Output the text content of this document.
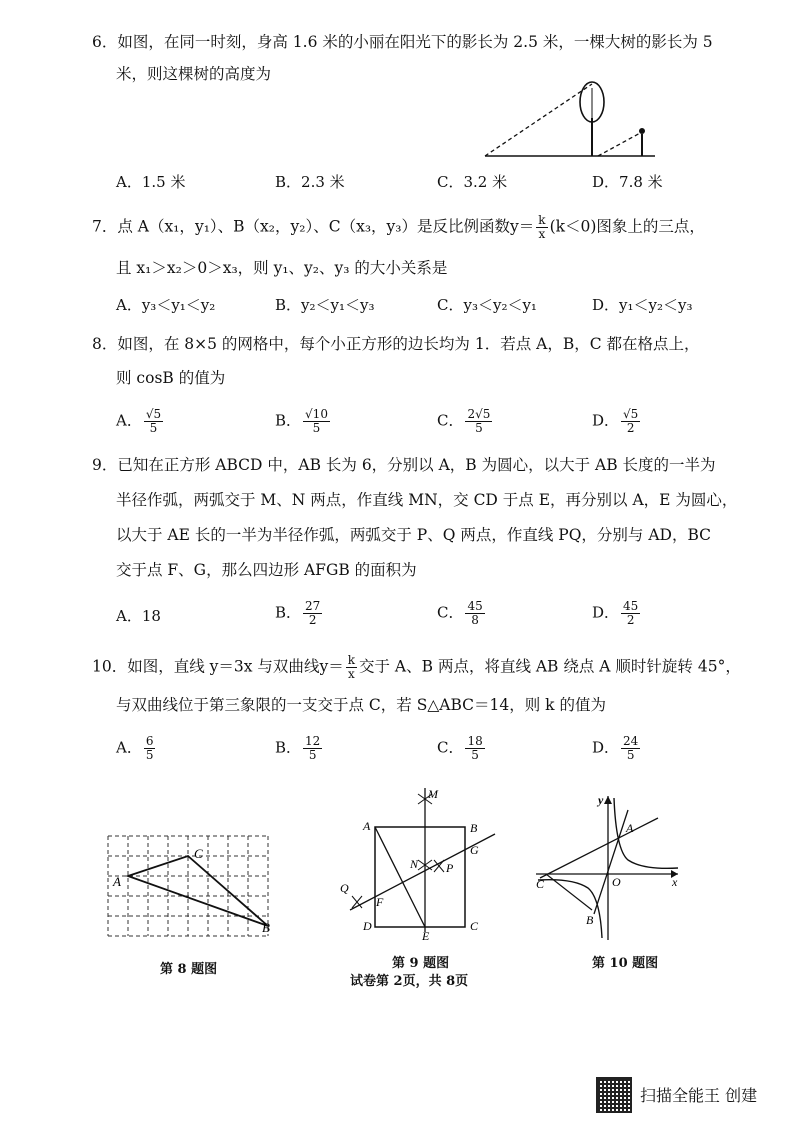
6．如图，在同一时刻，身高 1.6 米的小丽在阳光下的影长为 2.5 米，一棵大树的影长为 5
米，则这棵树的高度为
A．1.5 米	B．2.3 米	C．3.2 米	D．7.8 米
7．点 A（x₁，y₁）、B（x₂，y₂）、C（x₃，y₃）是反比例函数$y= \frac{k}{x} (k<0)$图象上的三点，
且 x₁＞x₂＞0＞x₃，则 y₁、y₂、y₃ 的大小关系是
A．y₃＜y₁＜y₂	B．y₂＜y₁＜y₃	C．y₃＜y₂＜y₁	D．y₁＜y₂＜y₃
8．如图，在 8×5 的网格中，每个小正方形的边长均为 1．若点 A，B，C 都在格点上，
则 cosB 的值为
A． $\frac{√5}{5}$	B． $\frac{√10}{5}$	C． $\frac{2√5}{5}$	D． $\frac{√5}{2}$
9．已知在正方形 ABCD 中，AB 长为 6，分别以 A，B 为圆心，以大于 AB 长度的一半为
半径作弧，两弧交于 M、N 两点，作直线 MN，交 CD 于点 E，再分别以 A，E 为圆心，
以大于 AE 长的一半为半径作弧，两弧交于 P、Q 两点，作直线 PQ，分别与 AD，BC
交于点 F、G，那么四边形 AFGB 的面积为
A．18	B． $\frac{27}{2}$	C． $\frac{45}{8}$	D． $\frac{45}{2}$
10．如图，直线 y＝3x 与双曲线$y= \frac{k}{x}$ 交于 A、B 两点，将直线 AB 绕点 A 顺时针旋转 45°，
与双曲线位于第三象限的一支交于点 C，若 S△ABC＝14，则 k 的值为
A． $\frac{6}{5}$	B． $\frac{12}{5}$	C． $\frac{18}{5}$	D． $\frac{24}{5}$
A
C
B
第 8 题图
M
A	B
G
N P
Q
F
D
E
C
第 9 题图
y
A
C	O	x
B
第 10 题图
试卷第 2页，共 8页
扫描全能王 创建
